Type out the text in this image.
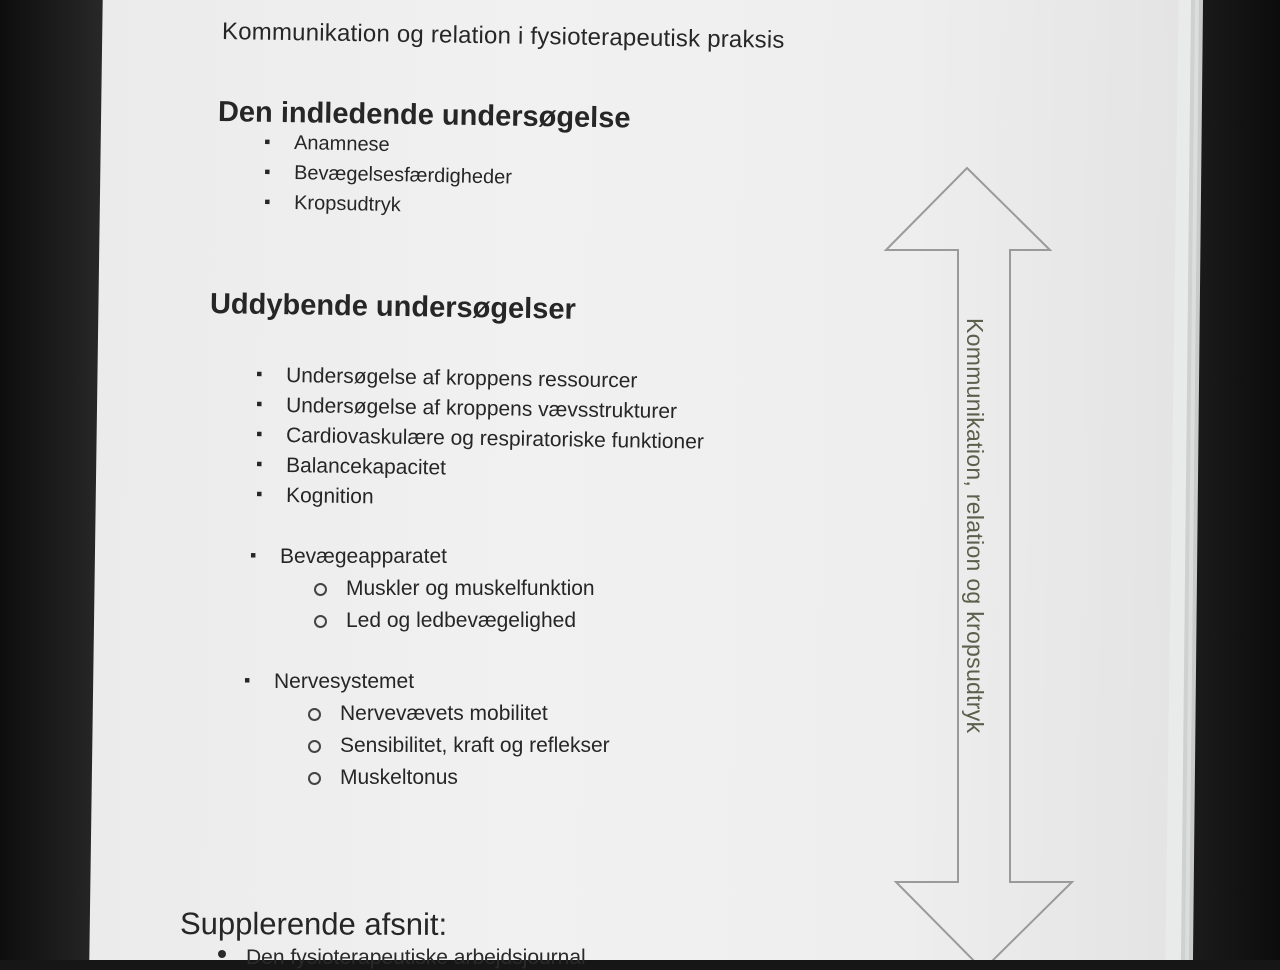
Kommunikation og relation i fysioterapeutisk praksis
Den indledende undersøgelse
▪ Anamnese
▪ Bevægelsesfærdigheder
▪ Kropsudtryk
Uddybende undersøgelser
▪ Undersøgelse af kroppens ressourcer
▪ Undersøgelse af kroppens vævsstrukturer
▪ Cardiovaskulære og respiratoriske funktioner
▪ Balancekapacitet
▪ Kognition
▪ Bevægeapparatet
Muskler og muskelfunktion
Led og ledbevægelighed
▪ Nervesystemet
Nervevævets mobilitet
Sensibilitet, kraft og reflekser
Muskeltonus
Kommunikation, relation og kropsudtryk
Supplerende afsnit:
Den fysioterapeutiske arbejdsjournal
